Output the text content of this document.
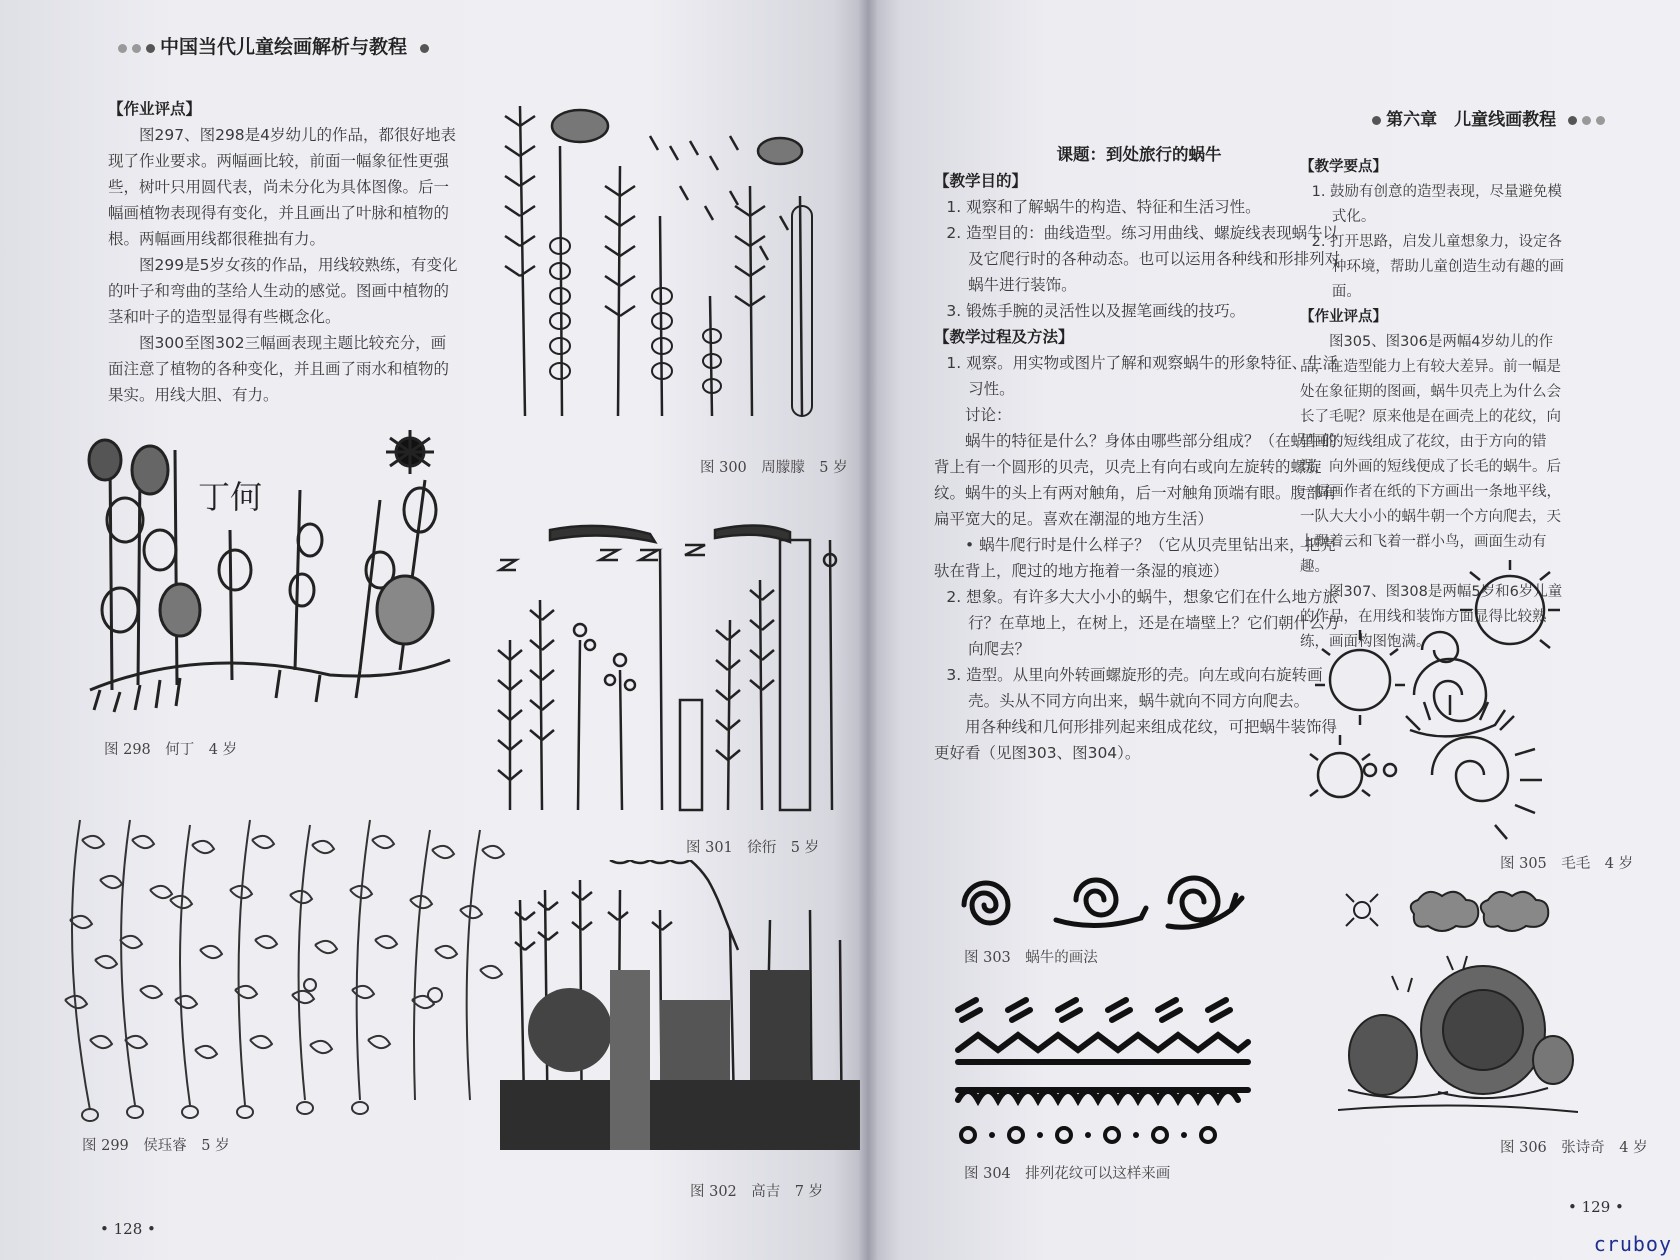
中国当代儿童绘画解析与教程

【作业评点】

图297、图298是4岁幼儿的作品，都很好地表现了作业要求。两幅画比较，前面一幅象征性更强些，树叶只用圆代表，尚未分化为具体图像。后一幅画植物表现得有变化，并且画出了叶脉和植物的根。两幅画用线都很稚拙有力。

图299是5岁女孩的作品，用线较熟练，有变化的叶子和弯曲的茎给人生动的感觉。图画中植物的茎和叶子的造型显得有些概念化。

图300至图302三幅画表现主题比较充分，画面注意了植物的各种变化，并且画了雨水和植物的果实。用线大胆、有力。

丁何
图 298　何丁　4 岁
图 300　周朦朦　5 岁
图 301　徐衎　5 岁
图 299　侯珏睿　5 岁
图 302　高吉　7 岁
• 128 •
第六章　儿童线画教程

课题：到处旅行的蜗牛

【教学目的】

1. 观察和了解蜗牛的构造、特征和生活习性。

2. 造型目的：曲线造型。练习用曲线、螺旋线表现蜗牛以及它爬行时的各种动态。也可以运用各种线和形排列对蜗牛进行装饰。

3. 锻炼手腕的灵活性以及握笔画线的技巧。

【教学过程及方法】

1. 观察。用实物或图片了解和观察蜗牛的形象特征、生活习性。

讨论：

蜗牛的特征是什么？身体由哪些部分组成？（在蜗牛的背上有一个圆形的贝壳，贝壳上有向右或向左旋转的螺旋纹。蜗牛的头上有两对触角，后一对触角顶端有眼。腹部有扁平宽大的足。喜欢在潮湿的地方生活）

• 蜗牛爬行时是什么样子？（它从贝壳里钻出来，把壳驮在背上，爬过的地方拖着一条湿的痕迹）

2. 想象。有许多大大小小的蜗牛，想象它们在什么地方旅行？在草地上，在树上，还是在墙壁上？它们朝什么方向爬去？

3. 造型。从里向外转画螺旋形的壳。向左或向右旋转画壳。头从不同方向出来，蜗牛就向不同方向爬去。

用各种线和几何形排列起来组成花纹，可把蜗牛装饰得更好看（见图303、图304）。

图 303　蜗牛的画法
图 304　排列花纹可以这样来画

【教学要点】

1. 鼓励有创意的造型表现，尽量避免模式化。

2. 打开思路，启发儿童想象力，设定各种环境，帮助儿童创造生动有趣的画面。

【作业评点】

图305、图306是两幅4岁幼儿的作品，在造型能力上有较大差异。前一幅是处在象征期的图画，蜗牛贝壳上为什么会长了毛呢？原来他是在画壳上的花纹，向里画的短线组成了花纹，由于方向的错误，向外画的短线便成了长毛的蜗牛。后一幅画作者在纸的下方画出一条地平线，一队大大小小的蜗牛朝一个方向爬去，天上飘着云和飞着一群小鸟，画面生动有趣。

图307、图308是两幅5岁和6岁儿童的作品，在用线和装饰方面显得比较熟练，画面构图饱满。

图 305　毛毛　4 岁
图 306　张诗奇　4 岁
• 129 •
cruboy
